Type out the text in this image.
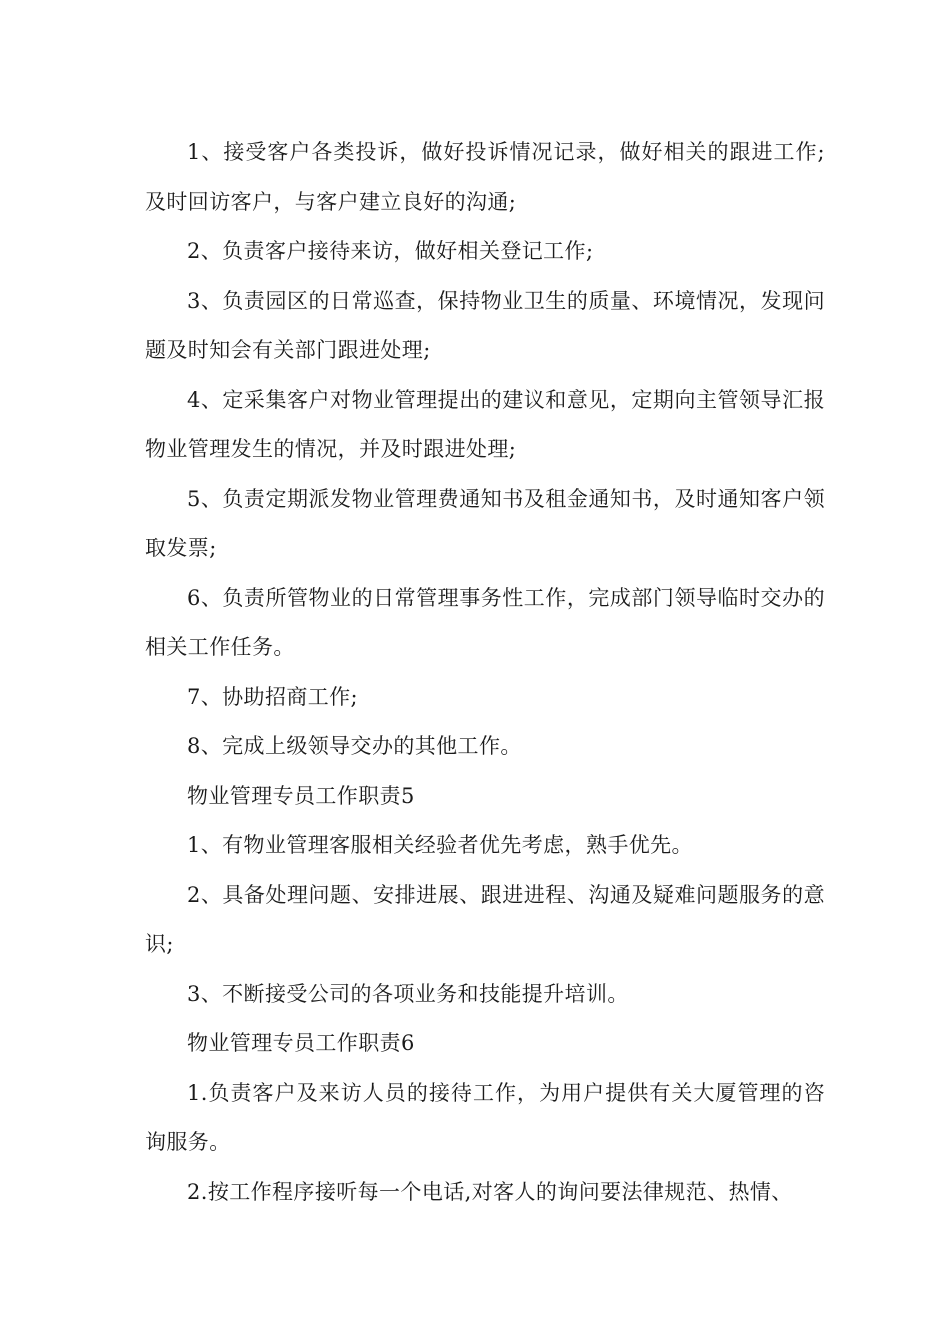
1、接受客户各类投诉，做好投诉情况记录，做好相关的跟进工作;及时回访客户，与客户建立良好的沟通;

2、负责客户接待来访，做好相关登记工作;

3、负责园区的日常巡查，保持物业卫生的质量、环境情况，发现问题及时知会有关部门跟进处理;

4、定采集客户对物业管理提出的建议和意见，定期向主管领导汇报物业管理发生的情况，并及时跟进处理;

5、负责定期派发物业管理费通知书及租金通知书，及时通知客户领取发票;

6、负责所管物业的日常管理事务性工作，完成部门领导临时交办的相关工作任务。

7、协助招商工作;

8、完成上级领导交办的其他工作。

物业管理专员工作职责5

1、有物业管理客服相关经验者优先考虑，熟手优先。

2、具备处理问题、安排进展、跟进进程、沟通及疑难问题服务的意识;

3、不断接受公司的各项业务和技能提升培训。

物业管理专员工作职责6

1.负责客户及来访人员的接待工作，为用户提供有关大厦管理的咨询服务。

2.按工作程序接听每一个电话,对客人的询问要法律规范、热情、
